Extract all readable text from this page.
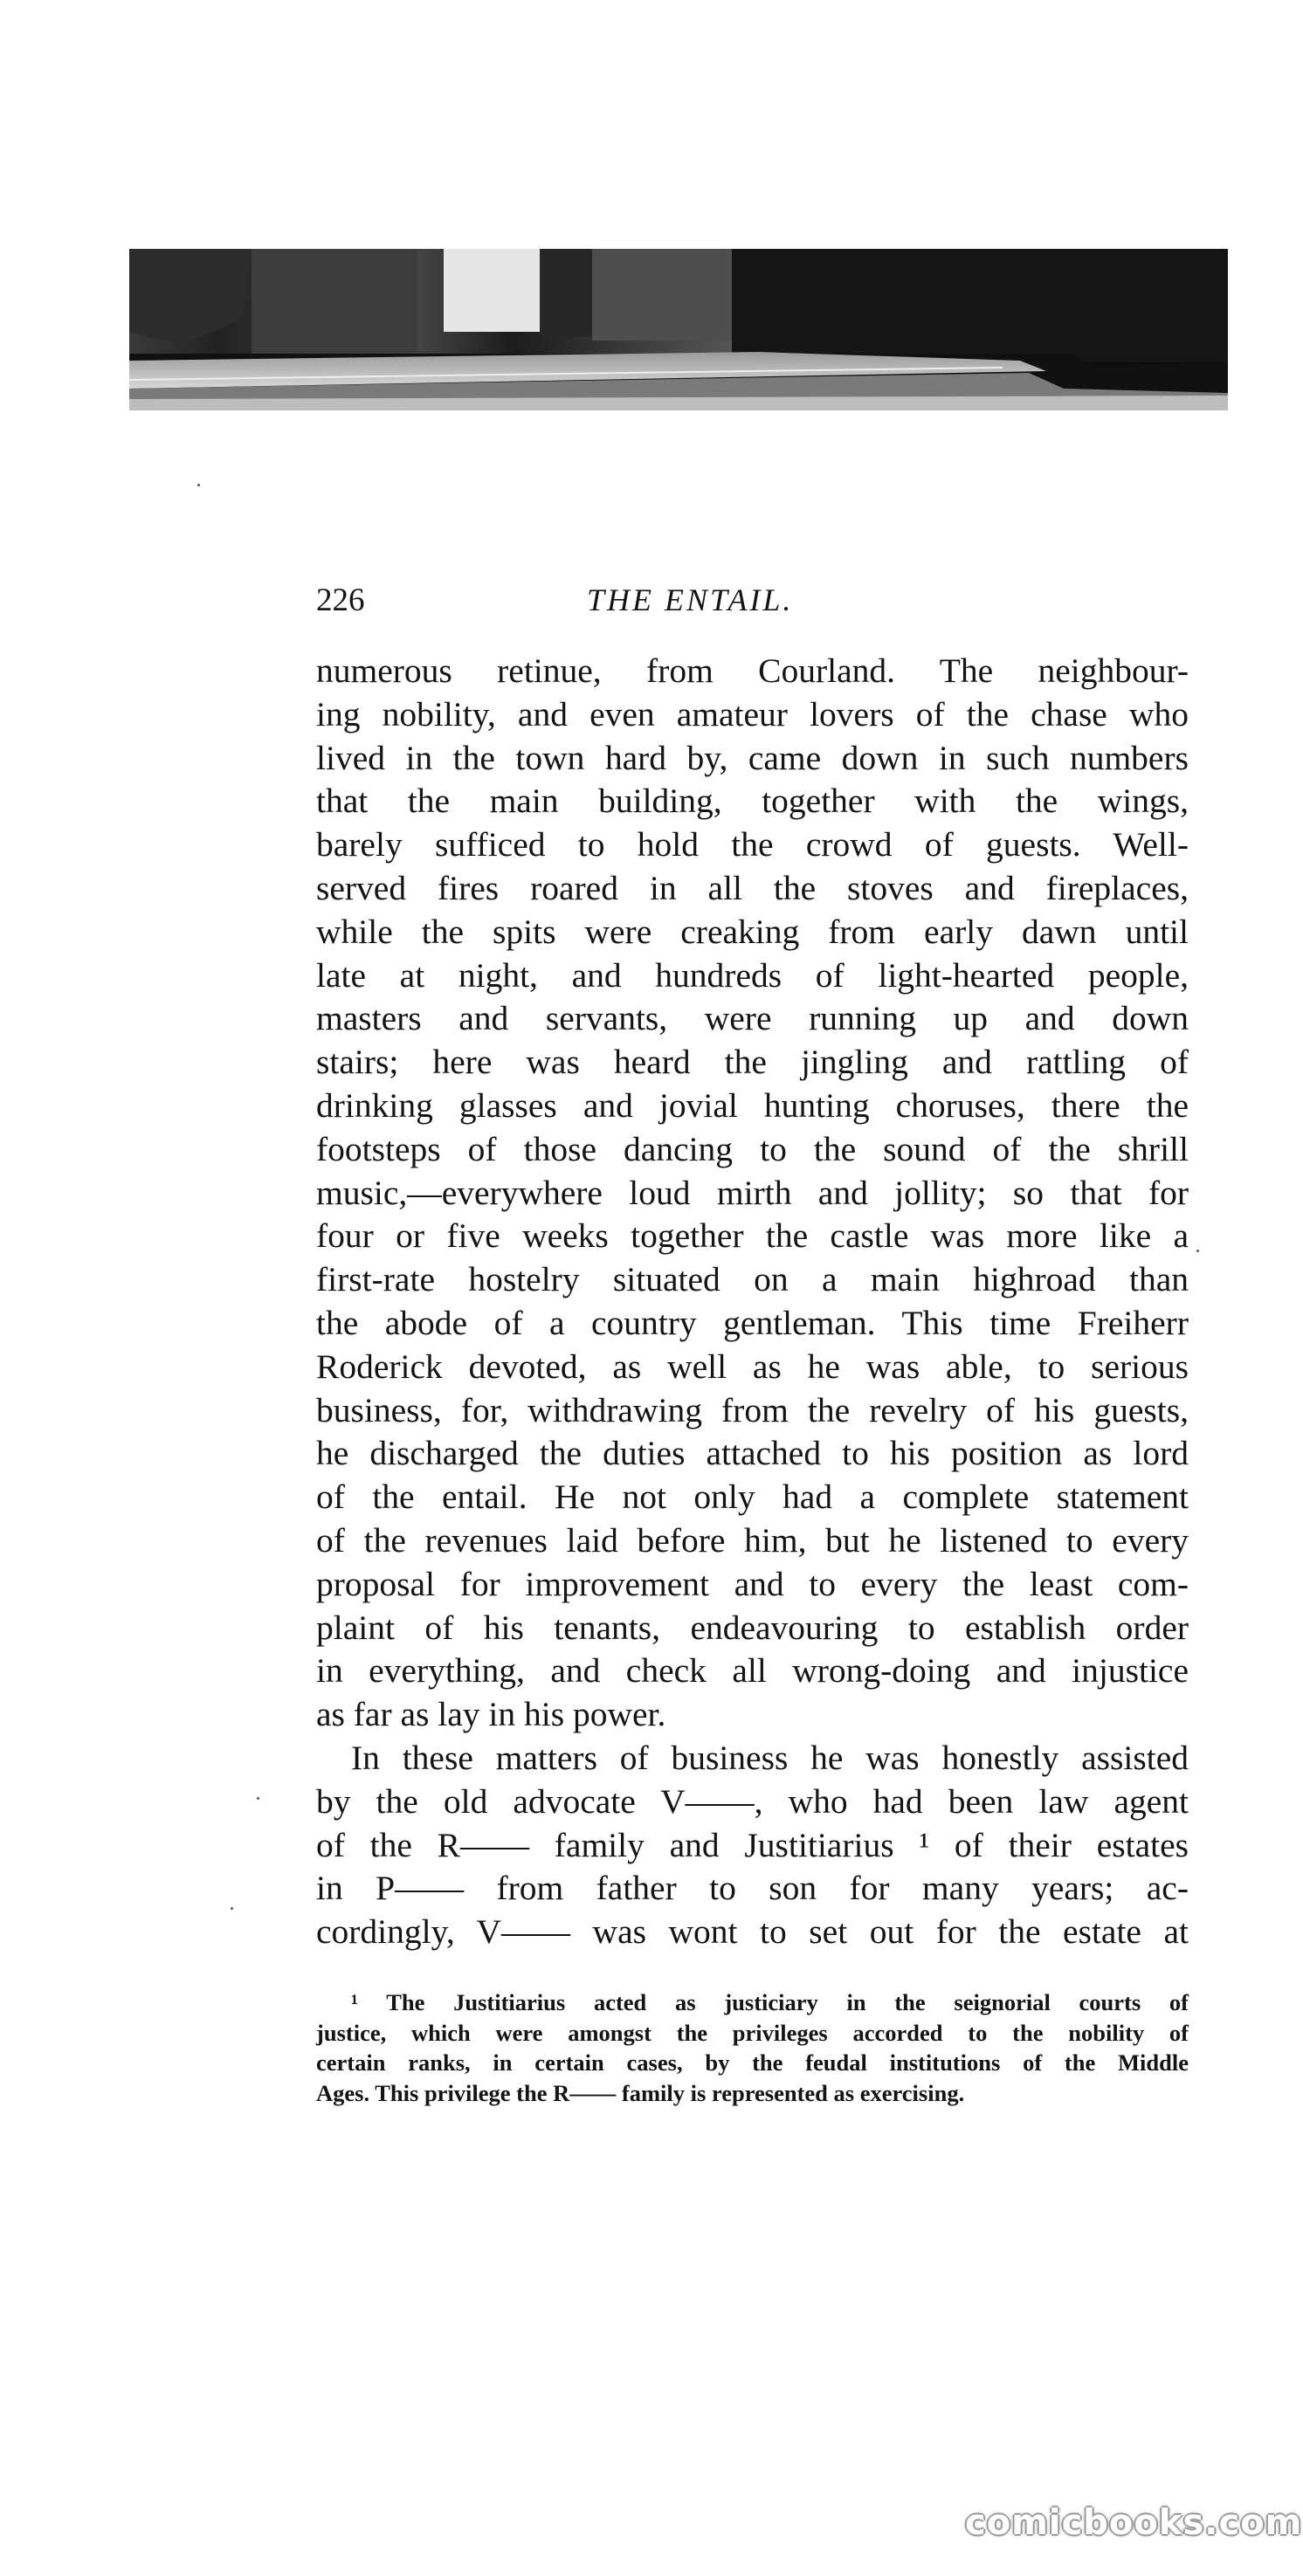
226	THE ENTAIL.
numerous retinue, from Courland. The neighbour-
ing nobility, and even amateur lovers of the chase who
lived in the town hard by, came down in such numbers
that the main building, together with the wings,
barely sufficed to hold the crowd of guests. Well-
served fires roared in all the stoves and fireplaces,
while the spits were creaking from early dawn until
late at night, and hundreds of light-hearted people,
masters and servants, were running up and down
stairs; here was heard the jingling and rattling of
drinking glasses and jovial hunting choruses, there the
footsteps of those dancing to the sound of the shrill
music,—everywhere loud mirth and jollity; so that for
four or five weeks together the castle was more like a
first-rate hostelry situated on a main highroad than
the abode of a country gentleman. This time Freiherr
Roderick devoted, as well as he was able, to serious
business, for, withdrawing from the revelry of his guests,
he discharged the duties attached to his position as lord
of the entail. He not only had a complete statement
of the revenues laid before him, but he listened to every
proposal for improvement and to every the least com-
plaint of his tenants, endeavouring to establish order
in everything, and check all wrong-doing and injustice
as far as lay in his power.
In these matters of business he was honestly assisted
by the old advocate V——, who had been law agent
of the R—— family and Justitiarius ¹ of their estates
in P—— from father to son for many years; ac-
cordingly, V—— was wont to set out for the estate at
¹ The Justitiarius acted as justiciary in the seignorial courts of
justice, which were amongst the privileges accorded to the nobility of
certain ranks, in certain cases, by the feudal institutions of the Middle
Ages. This privilege the R—— family is represented as exercising.
comicbooks.com
